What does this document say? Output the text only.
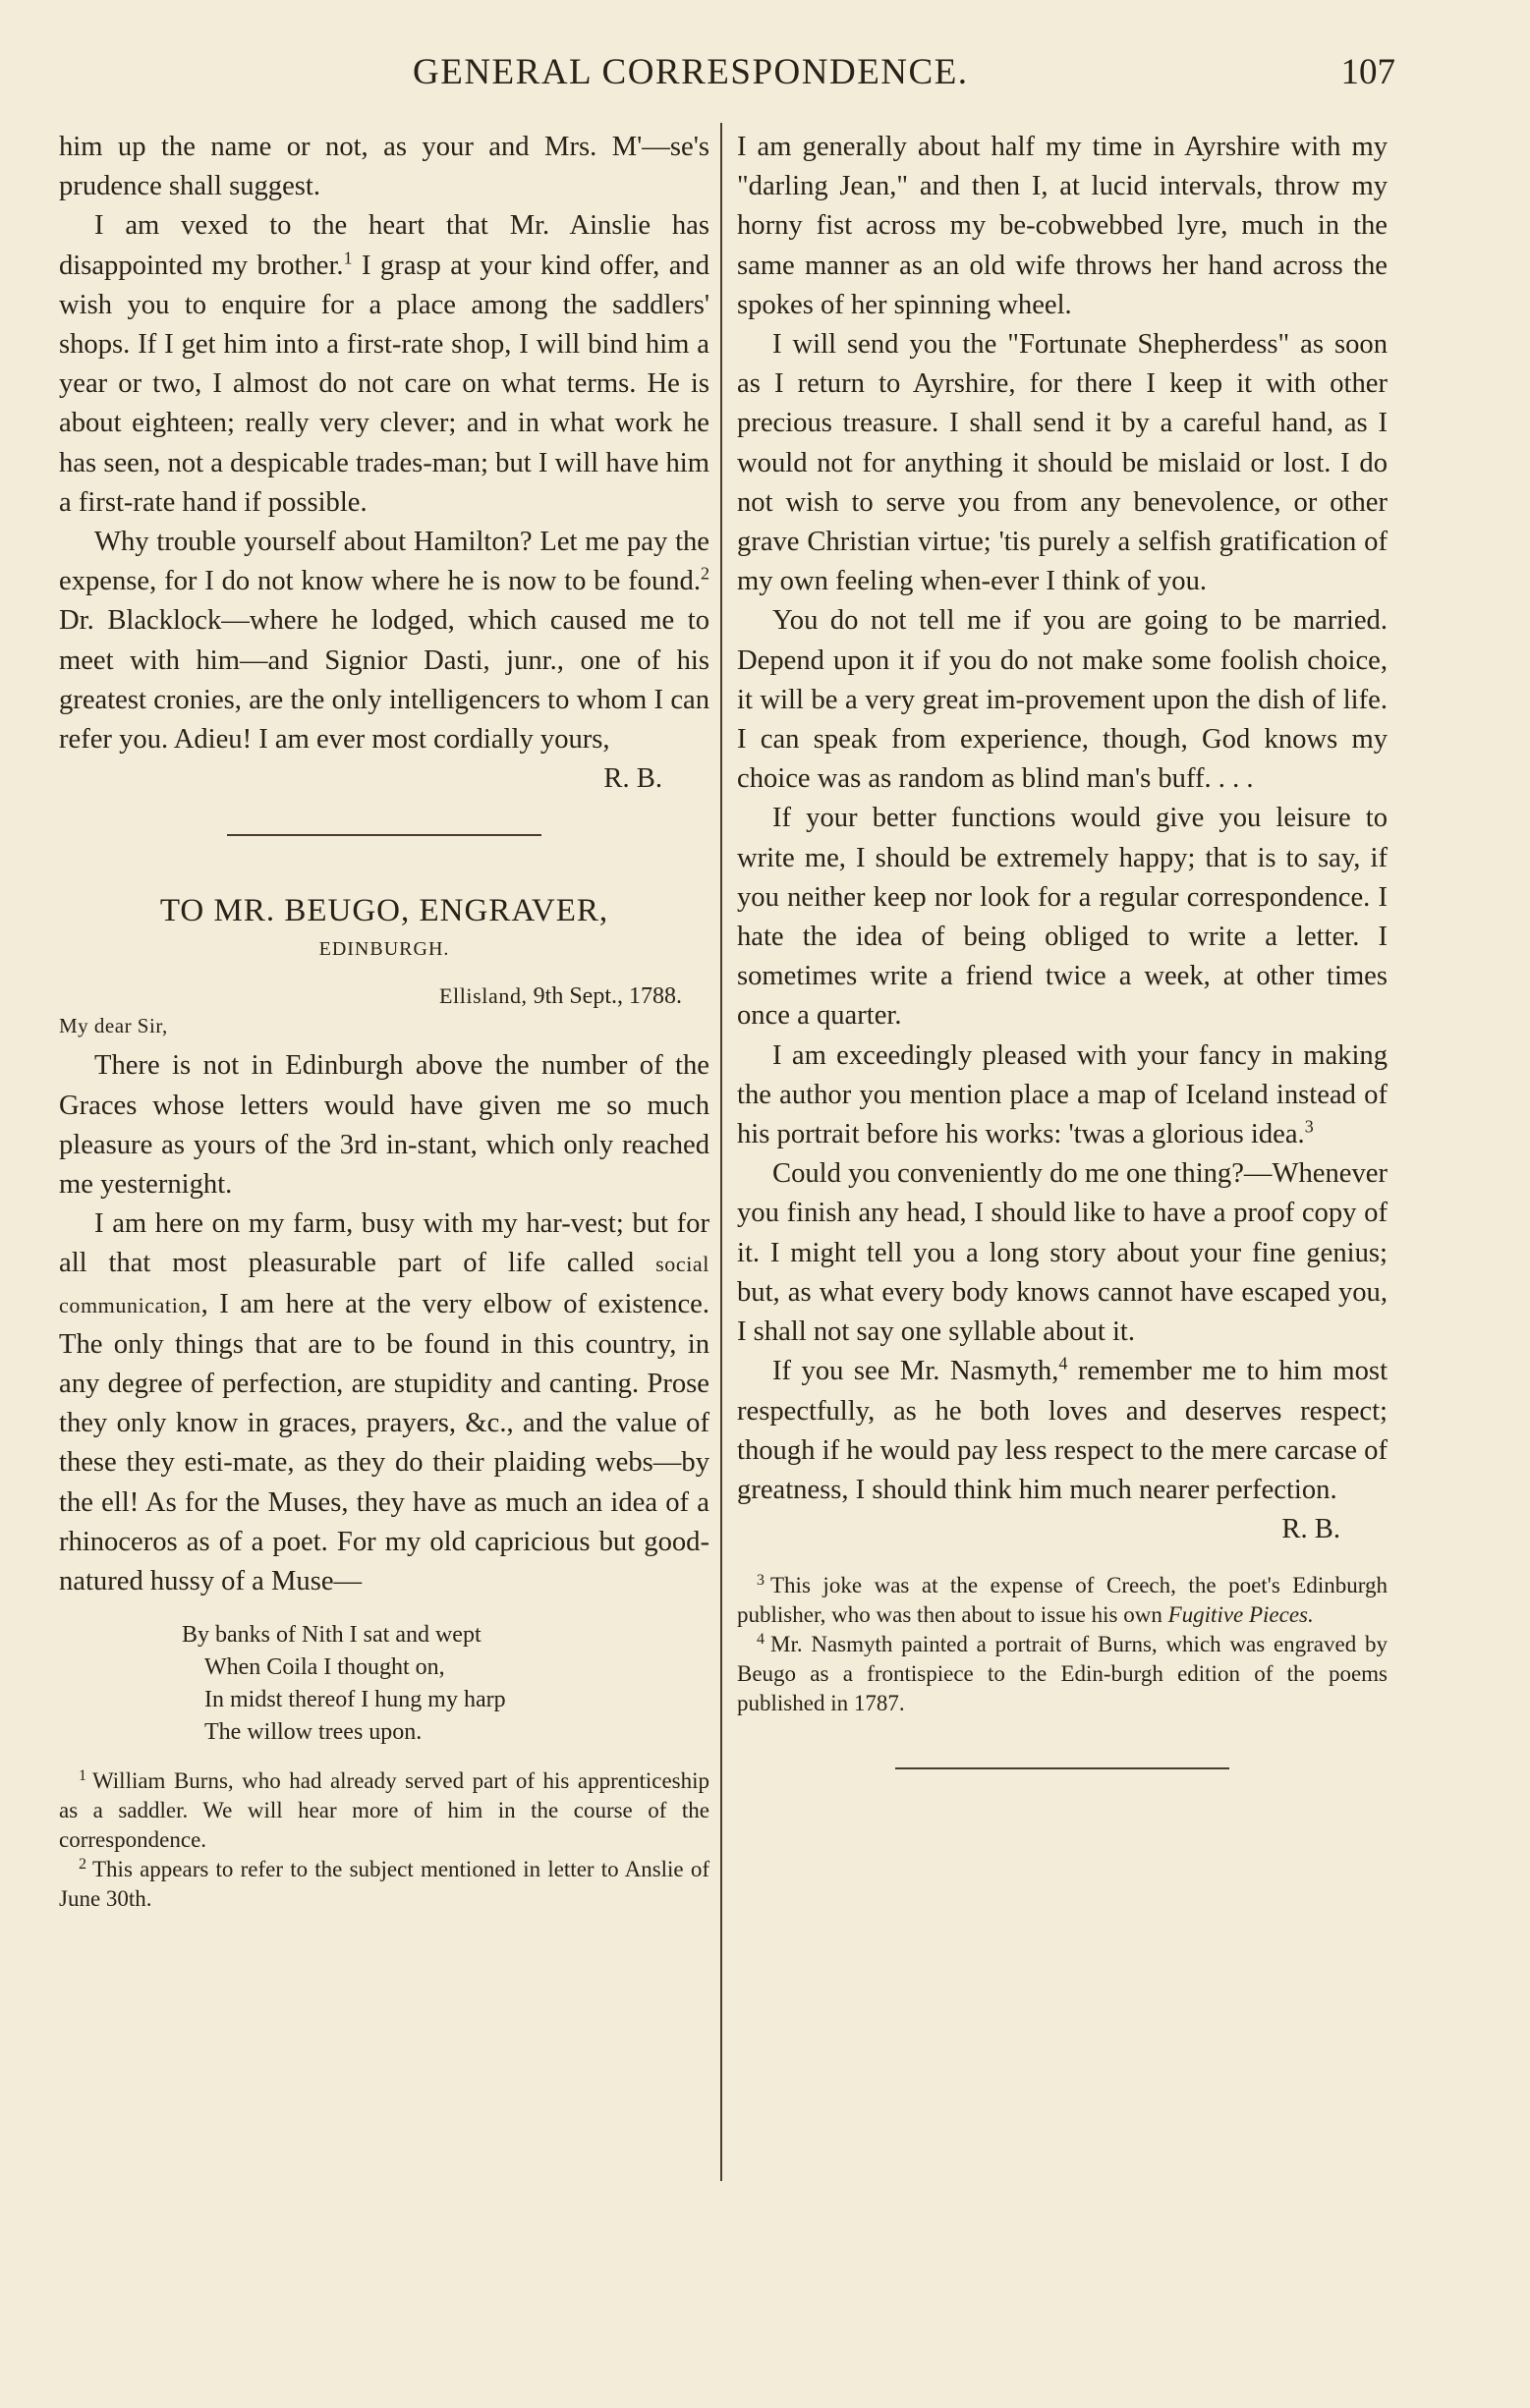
GENERAL CORRESPONDENCE.	107

him up the name or not, as your and Mrs. M'—se's prudence shall suggest.

I am vexed to the heart that Mr. Ainslie has disappointed my brother.$^1$ I grasp at your kind offer, and wish you to enquire for a place among the saddlers' shops. If I get him into a first-rate shop, I will bind him a year or two, I almost do not care on what terms. He is about eighteen; really very clever; and in what work he has seen, not a despicable trades-man; but I will have him a first-rate hand if possible.

Why trouble yourself about Hamilton? Let me pay the expense, for I do not know where he is now to be found.$^2$ Dr. Blacklock—where he lodged, which caused me to meet with him—and Signior Dasti, junr., one of his greatest cronies, are the only intelligencers to whom I can refer you. Adieu! I am ever most cordially yours,

R. B.
TO MR. BEUGO, ENGRAVER,
EDINBURGH.
Ellisland, 9th Sept., 1788.
My dear Sir,

There is not in Edinburgh above the number of the Graces whose letters would have given me so much pleasure as yours of the 3rd in-stant, which only reached me yesternight.

I am here on my farm, busy with my har-vest; but for all that most pleasurable part of life called social communication, I am here at the very elbow of existence. The only things that are to be found in this country, in any degree of perfection, are stupidity and canting. Prose they only know in graces, prayers, &c., and the value of these they esti-mate, as they do their plaiding webs—by the ell! As for the Muses, they have as much an idea of a rhinoceros as of a poet. For my old capricious but good-natured hussy of a Muse—

By banks of Nith I sat and wept
When Coila I thought on,
In midst thereof I hung my harp
The willow trees upon.

$^1$ William Burns, who had already served part of his apprenticeship as a saddler. We will hear more of him in the course of the correspondence.

$^2$ This appears to refer to the subject mentioned in letter to Anslie of June 30th.

I am generally about half my time in Ayrshire with my "darling Jean," and then I, at lucid intervals, throw my horny fist across my be-cobwebbed lyre, much in the same manner as an old wife throws her hand across the spokes of her spinning wheel.

I will send you the "Fortunate Shepherdess" as soon as I return to Ayrshire, for there I keep it with other precious treasure. I shall send it by a careful hand, as I would not for anything it should be mislaid or lost. I do not wish to serve you from any benevolence, or other grave Christian virtue; 'tis purely a selfish gratification of my own feeling when-ever I think of you.

You do not tell me if you are going to be married. Depend upon it if you do not make some foolish choice, it will be a very great im-provement upon the dish of life. I can speak from experience, though, God knows my choice was as random as blind man's buff. . . .

If your better functions would give you leisure to write me, I should be extremely happy; that is to say, if you neither keep nor look for a regular correspondence. I hate the idea of being obliged to write a letter. I sometimes write a friend twice a week, at other times once a quarter.

I am exceedingly pleased with your fancy in making the author you mention place a map of Iceland instead of his portrait before his works: 'twas a glorious idea.$^3$

Could you conveniently do me one thing?—Whenever you finish any head, I should like to have a proof copy of it. I might tell you a long story about your fine genius; but, as what every body knows cannot have escaped you, I shall not say one syllable about it.

If you see Mr. Nasmyth,$^4$ remember me to him most respectfully, as he both loves and deserves respect; though if he would pay less respect to the mere carcase of greatness, I should think him much nearer perfection.

R. B.

$^3$ This joke was at the expense of Creech, the poet's Edinburgh publisher, who was then about to issue his own Fugitive Pieces.

$^4$ Mr. Nasmyth painted a portrait of Burns, which was engraved by Beugo as a frontispiece to the Edin-burgh edition of the poems published in 1787.
